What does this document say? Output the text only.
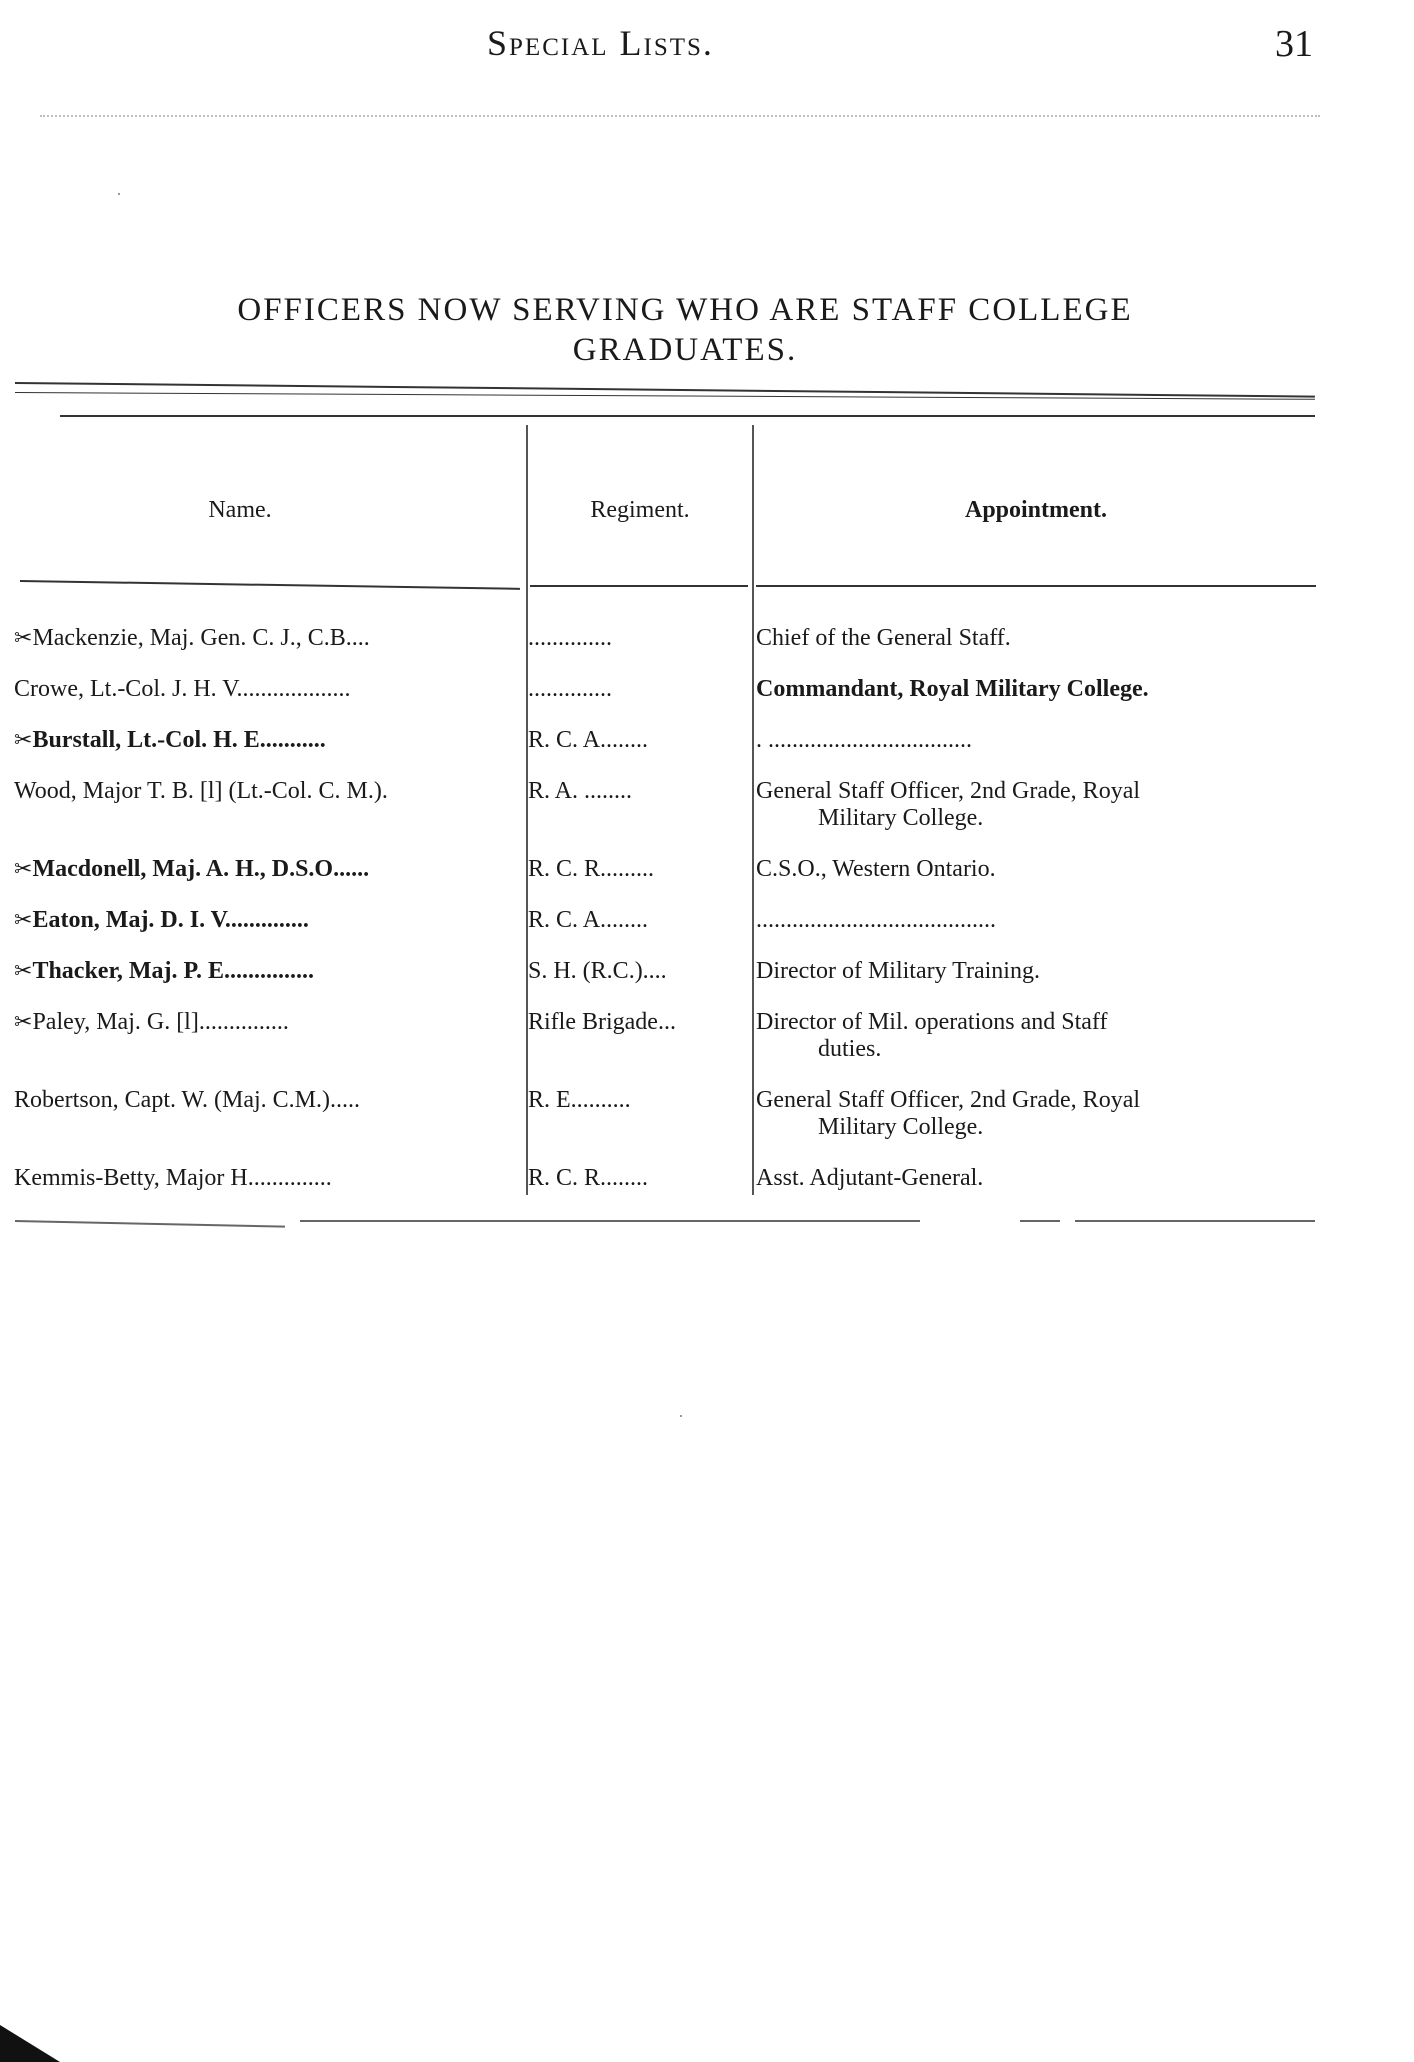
Special Lists.	31
OFFICERS NOW SERVING WHO ARE STAFF COLLEGE
GRADUATES.
Name.	Regiment.	Appointment.
✂Mackenzie, Maj. Gen. C. J., C.B....	..............	Chief of the General Staff.
Crowe, Lt.-Col. J. H. V...................	..............	Commandant, Royal Military College.
✂Burstall, Lt.-Col. H. E...........	R. C. A........	. ..................................
Wood, Major T. B. [l] (Lt.-Col. C. M.).	R. A. ........	General Staff Officer, 2nd Grade, Royal
Military College.
✂Macdonell, Maj. A. H., D.S.O......	R. C. R.........	C.S.O., Western Ontario.
✂Eaton, Maj. D. I. V..............	R. C. A........	........................................
✂Thacker, Maj. P. E...............	S. H. (R.C.)....	Director of Military Training.
✂Paley, Maj. G. [l]...............	Rifle Brigade...	Director of Mil. operations and Staff
duties.
Robertson, Capt. W. (Maj. C.M.).....	R. E..........	General Staff Officer, 2nd Grade, Royal
Military College.
Kemmis-Betty, Major H..............	R. C. R........	Asst. Adjutant-General.
